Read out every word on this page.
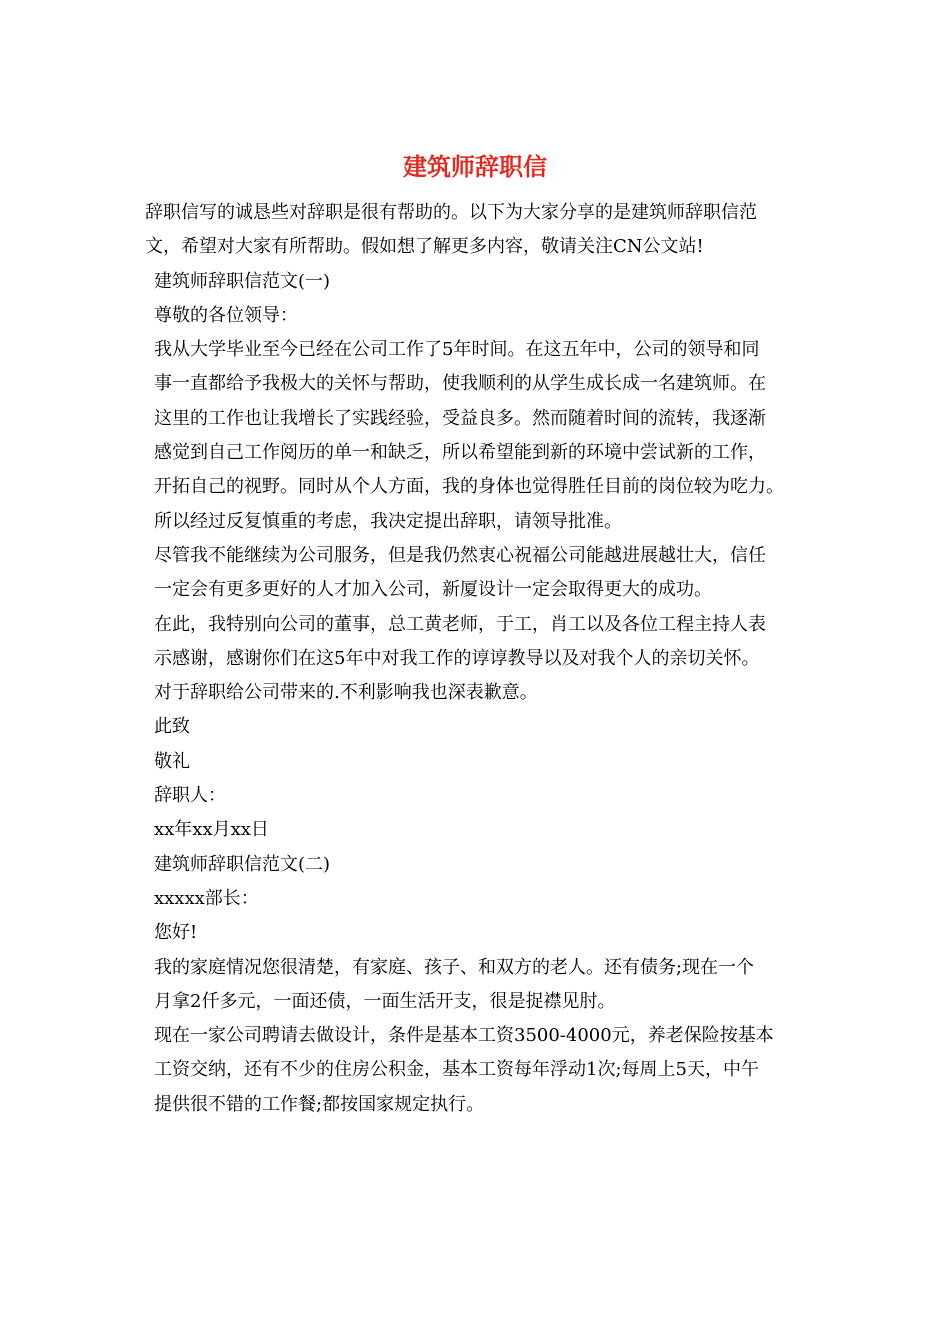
建筑师辞职信
辞职信写的诚恳些对辞职是很有帮助的。以下为大家分享的是建筑师辞职信范
文，希望对大家有所帮助。假如想了解更多内容，敬请关注CN公文站!
建筑师辞职信范文(一)
尊敬的各位领导：
我从大学毕业至今已经在公司工作了5年时间。在这五年中，公司的领导和同
事一直都给予我极大的关怀与帮助，使我顺利的从学生成长成一名建筑师。在
这里的工作也让我增长了实践经验，受益良多。然而随着时间的流转，我逐渐
感觉到自己工作阅历的单一和缺乏，所以希望能到新的环境中尝试新的工作，
开拓自己的视野。同时从个人方面，我的身体也觉得胜任目前的岗位较为吃力。
所以经过反复慎重的考虑，我决定提出辞职，请领导批准。
尽管我不能继续为公司服务，但是我仍然衷心祝福公司能越进展越壮大，信任
一定会有更多更好的人才加入公司，新厦设计一定会取得更大的成功。
在此，我特别向公司的董事，总工黄老师，于工，肖工以及各位工程主持人表
示感谢，感谢你们在这5年中对我工作的谆谆教导以及对我个人的亲切关怀。
对于辞职给公司带来的.不利影响我也深表歉意。
此致
敬礼
辞职人：
xx年xx月xx日
建筑师辞职信范文(二)
xxxxx部长：
您好!
我的家庭情况您很清楚，有家庭、孩子、和双方的老人。还有债务;现在一个
月拿2仟多元，一面还债，一面生活开支，很是捉襟见肘。
现在一家公司聘请去做设计，条件是基本工资3500-4000元，养老保险按基本
工资交纳，还有不少的住房公积金，基本工资每年浮动1次;每周上5天，中午
提供很不错的工作餐;都按国家规定执行。
